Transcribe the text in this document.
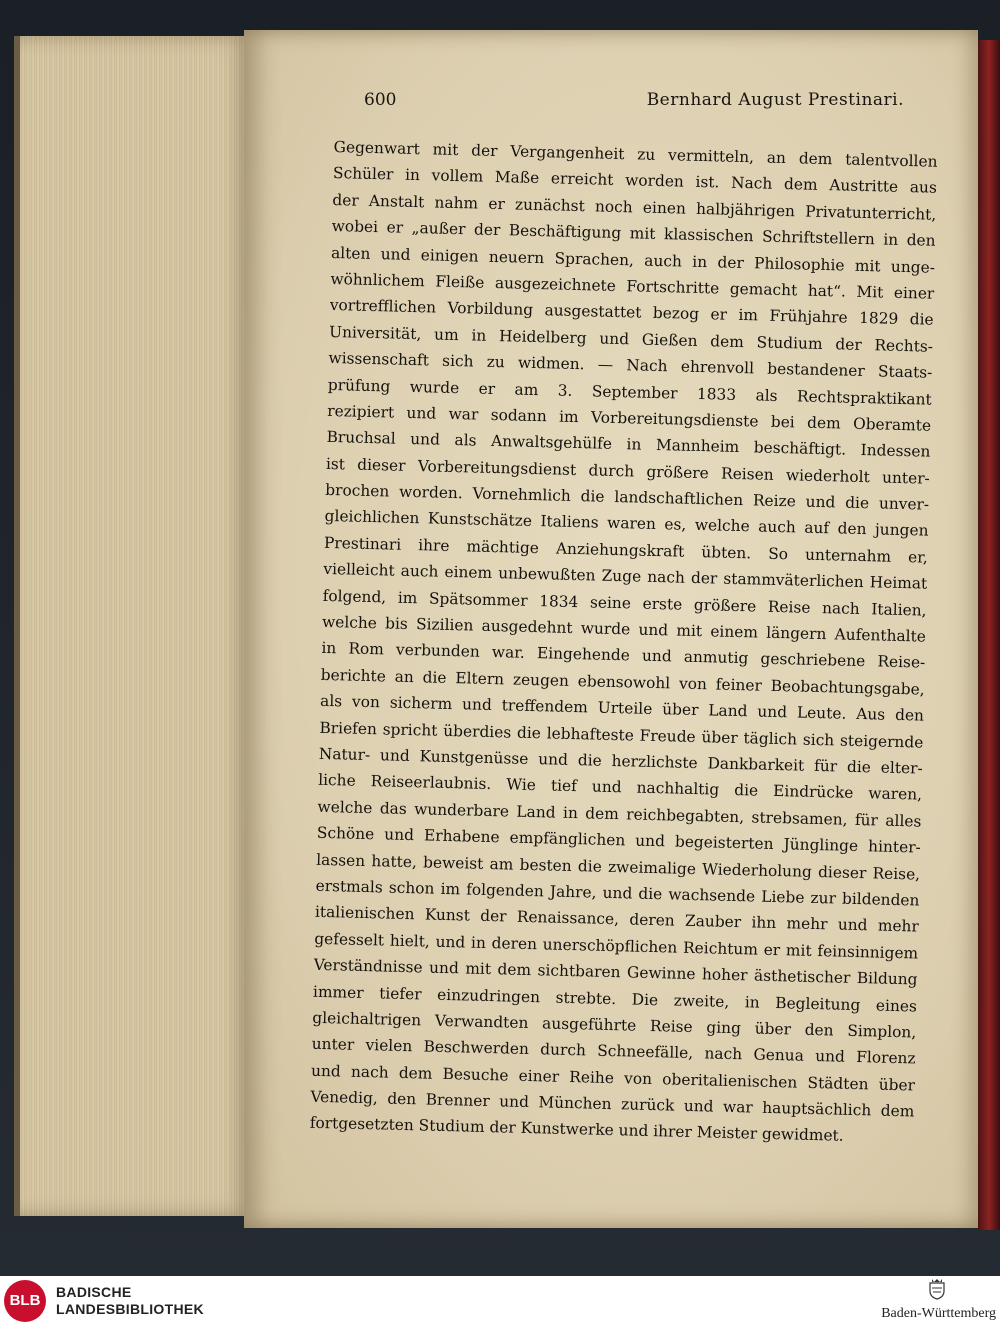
600	Bernhard August Prestinari.
Gegenwart mit der Vergangenheit zu vermitteln, an dem talentvollen
Schüler in vollem Maße erreicht worden ist. Nach dem Austritte aus
der Anstalt nahm er zunächst noch einen halbjährigen Privatunterricht,
wobei er „außer der Beschäftigung mit klassischen Schriftstellern in den
alten und einigen neuern Sprachen, auch in der Philosophie mit unge-
wöhnlichem Fleiße ausgezeichnete Fortschritte gemacht hat“. Mit einer
vortrefflichen Vorbildung ausgestattet bezog er im Frühjahre 1829 die
Universität, um in Heidelberg und Gießen dem Studium der Rechts-
wissenschaft sich zu widmen. — Nach ehrenvoll bestandener Staats-
prüfung wurde er am 3. September 1833 als Rechtspraktikant
rezipiert und war sodann im Vorbereitungsdienste bei dem Oberamte
Bruchsal und als Anwaltsgehülfe in Mannheim beschäftigt. Indessen
ist dieser Vorbereitungsdienst durch größere Reisen wiederholt unter-
brochen worden. Vornehmlich die landschaftlichen Reize und die unver-
gleichlichen Kunstschätze Italiens waren es, welche auch auf den jungen
Prestinari ihre mächtige Anziehungskraft übten. So unternahm er,
vielleicht auch einem unbewußten Zuge nach der stammväterlichen Heimat
folgend, im Spätsommer 1834 seine erste größere Reise nach Italien,
welche bis Sizilien ausgedehnt wurde und mit einem längern Aufenthalte
in Rom verbunden war. Eingehende und anmutig geschriebene Reise-
berichte an die Eltern zeugen ebensowohl von feiner Beobachtungsgabe,
als von sicherm und treffendem Urteile über Land und Leute. Aus den
Briefen spricht überdies die lebhafteste Freude über täglich sich steigernde
Natur- und Kunstgenüsse und die herzlichste Dankbarkeit für die elter-
liche Reiseerlaubnis. Wie tief und nachhaltig die Eindrücke waren,
welche das wunderbare Land in dem reichbegabten, strebsamen, für alles
Schöne und Erhabene empfänglichen und begeisterten Jünglinge hinter-
lassen hatte, beweist am besten die zweimalige Wiederholung dieser Reise,
erstmals schon im folgenden Jahre, und die wachsende Liebe zur bildenden
italienischen Kunst der Renaissance, deren Zauber ihn mehr und mehr
gefesselt hielt, und in deren unerschöpflichen Reichtum er mit feinsinnigem
Verständnisse und mit dem sichtbaren Gewinne hoher ästhetischer Bildung
immer tiefer einzudringen strebte. Die zweite, in Begleitung eines
gleichaltrigen Verwandten ausgeführte Reise ging über den Simplon,
unter vielen Beschwerden durch Schneefälle, nach Genua und Florenz
und nach dem Besuche einer Reihe von oberitalienischen Städten über
Venedig, den Brenner und München zurück und war hauptsächlich dem
fortgesetzten Studium der Kunstwerke und ihrer Meister gewidmet.
BLB	BADISCHE
LANDESBIBLIOTHEK	Baden-Württemberg
